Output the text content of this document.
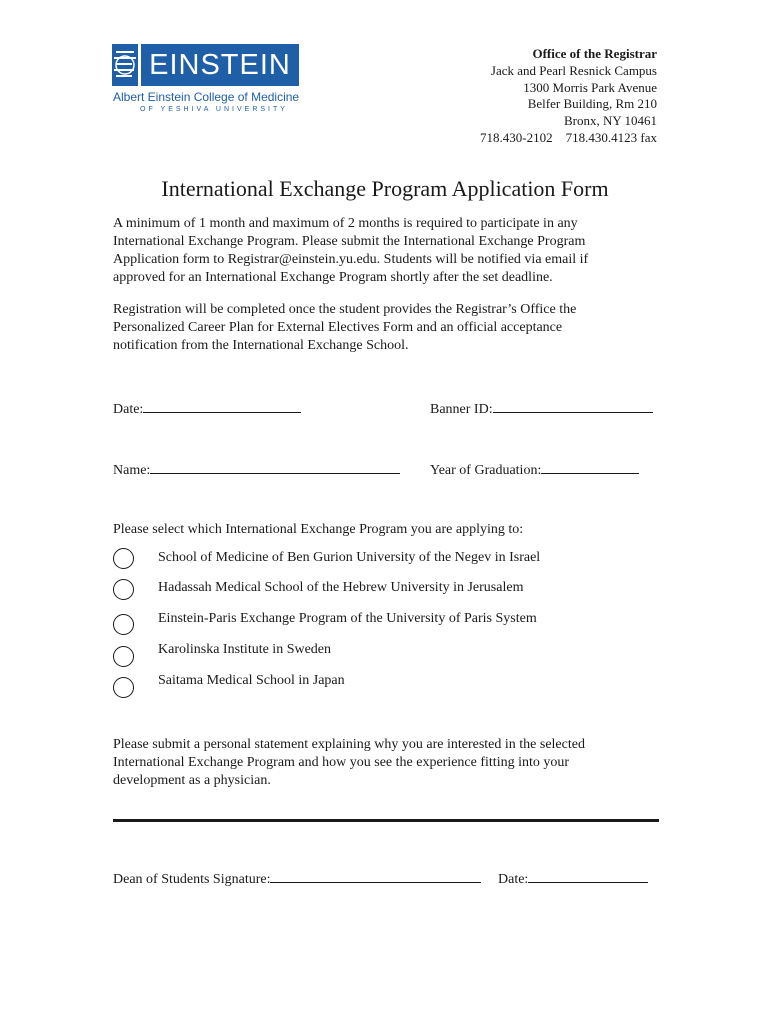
EINSTEIN
Albert Einstein College of Medicine
OF YESHIVA UNIVERSITY
Office of the Registrar
Jack and Pearl Resnick Campus
1300 Morris Park Avenue
Belfer Building, Rm 210
Bronx, NY 10461
718.430-2102 718.430.4123 fax
International Exchange Program Application Form
A minimum of 1 month and maximum of 2 months is required to participate in any
International Exchange Program. Please submit the International Exchange Program
Application form to Registrar@einstein.yu.edu. Students will be notified via email if
approved for an International Exchange Program shortly after the set deadline.
Registration will be completed once the student provides the Registrar’s Office the
Personalized Career Plan for External Electives Form and an official acceptance
notification from the International Exchange School.
Date:	Banner ID:
Name:	Year of Graduation:
Please select which International Exchange Program you are applying to:
School of Medicine of Ben Gurion University of the Negev in Israel
Hadassah Medical School of the Hebrew University in Jerusalem
Einstein-Paris Exchange Program of the University of Paris System
Karolinska Institute in Sweden
Saitama Medical School in Japan
Please submit a personal statement explaining why you are interested in the selected
International Exchange Program and how you see the experience fitting into your
development as a physician.
Dean of Students Signature:	Date:
